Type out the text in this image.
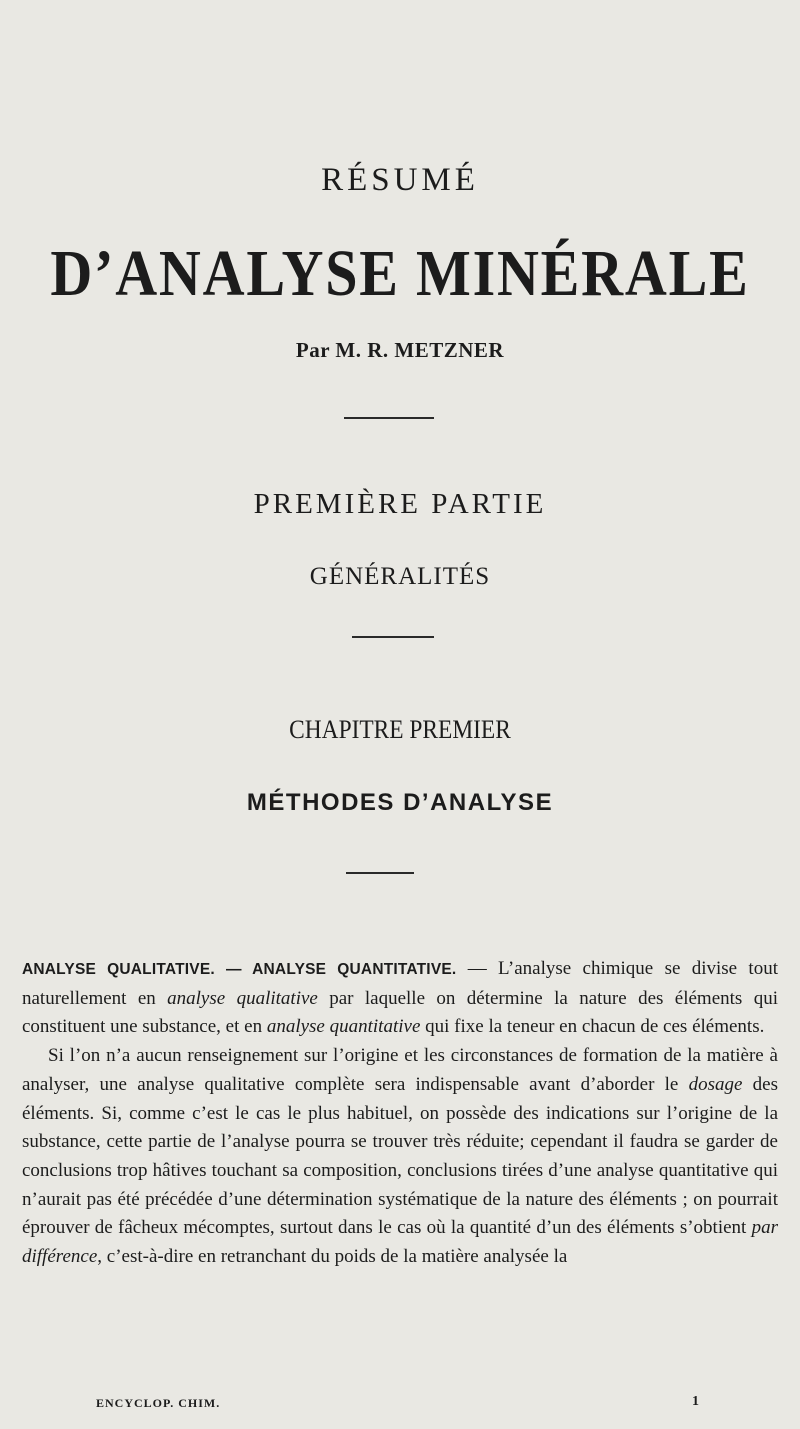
RÉSUMÉ
D’ANALYSE MINÉRALE
Par M. R. METZNER
PREMIÈRE PARTIE
GÉNÉRALITÉS
CHAPITRE PREMIER
MÉTHODES D’ANALYSE

ANALYSE QUALITATIVE. — ANALYSE QUANTITATIVE. — L’analyse chimique se divise tout naturellement en analyse qualitative par laquelle on détermine la nature des éléments qui constituent une substance, et en analyse quantitative qui fixe la teneur en chacun de ces éléments.

Si l’on n’a aucun renseignement sur l’origine et les circonstances de formation de la matière à analyser, une analyse qualitative complète sera indispensable avant d’aborder le dosage des éléments. Si, comme c’est le cas le plus habituel, on possède des indications sur l’origine de la substance, cette partie de l’analyse pourra se trouver très réduite; cependant il faudra se garder de conclusions trop hâtives touchant sa composition, conclusions tirées d’une analyse quantitative qui n’aurait pas été précédée d’une détermination systématique de la nature des éléments ; on pourrait éprouver de fâcheux mécomptes, surtout dans le cas où la quantité d’un des éléments s’obtient par différence, c’est-à-dire en retranchant du poids de la matière analysée la

ENCYCLOP. CHIM.	1
